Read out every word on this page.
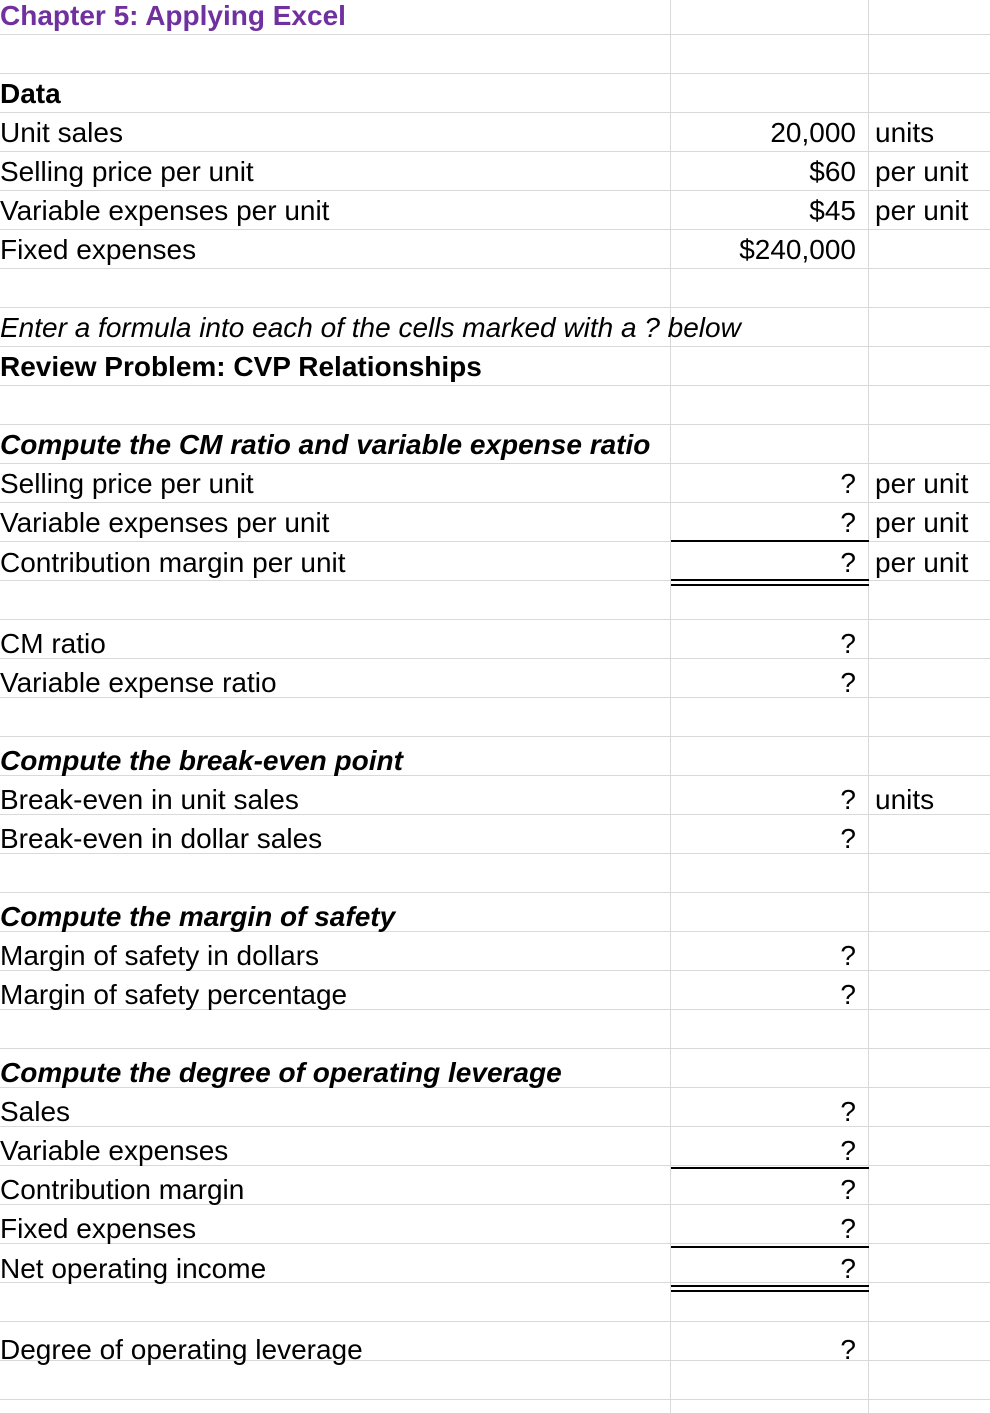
Chapter 5: Applying Excel
Data
Unit sales	20,000 units
Selling price per unit	$60 per unit
Variable expenses per unit	$45 per unit
Fixed expenses	$240,000
Enter a formula into each of the cells marked with a ? below
Review Problem: CVP Relationships
Compute the CM ratio and variable expense ratio
Selling price per unit	? per unit
Variable expenses per unit	? per unit
Contribution margin per unit	? per unit
CM ratio	?
Variable expense ratio	?
Compute the break-even point
Break-even in unit sales	? units
Break-even in dollar sales	?
Compute the margin of safety
Margin of safety in dollars	?
Margin of safety percentage	?
Compute the degree of operating leverage
Sales	?
Variable expenses	?
Contribution margin	?
Fixed expenses	?
Net operating income	?
Degree of operating leverage	?
